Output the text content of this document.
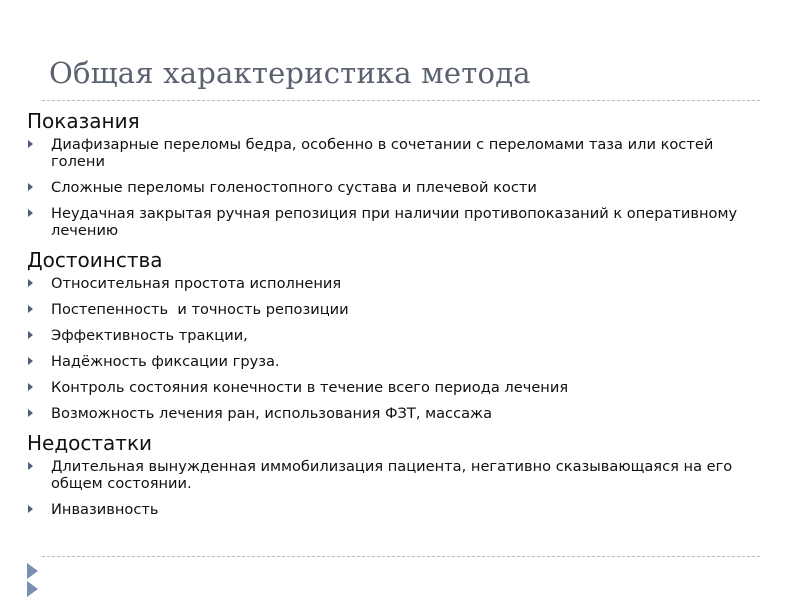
Общая характеристика метода
Показания
Диафизарные переломы бедра, особенно в сочетании с переломами таза или костей голени
Сложные переломы голеностопного сустава и плечевой кости
Неудачная закрытая ручная репозиция при наличии противопоказаний к оперативному лечению
Достоинства
Относительная простота исполнения
Постепенность  и точность репозиции
Эффективность тракции,
Надёжность фиксации груза.
Контроль состояния конечности в течение всего периода лечения
Возможность лечения ран, использования ФЗТ, массажа
Недостатки
Длительная вынужденная иммобилизация пациента, негативно сказывающаяся на его общем состоянии.
Инвазивность
